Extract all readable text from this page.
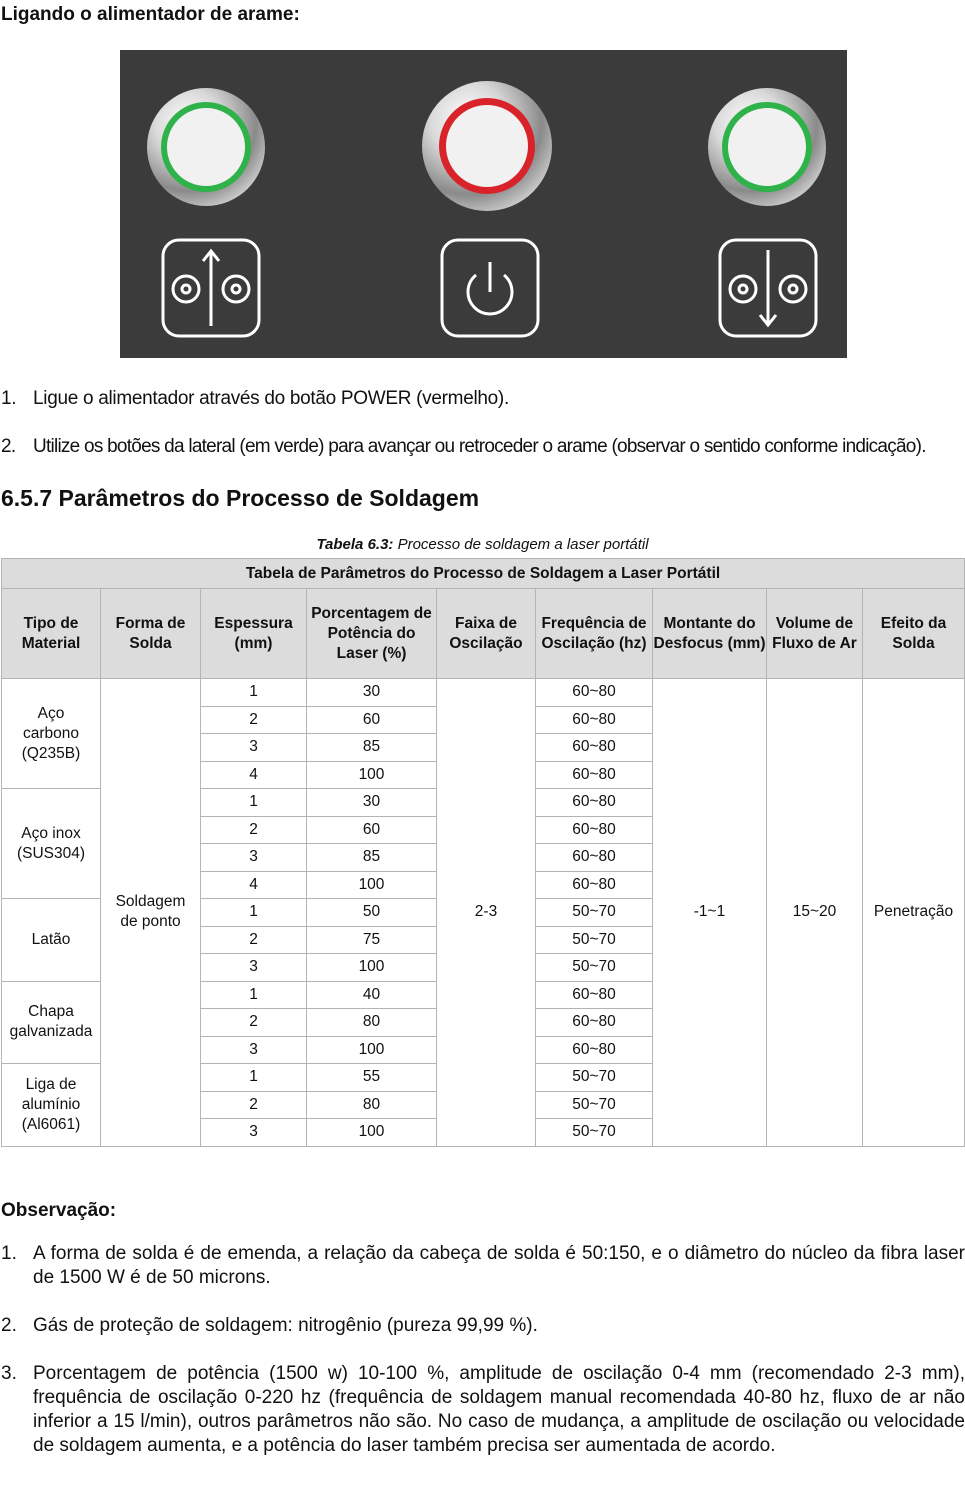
Ligando o alimentador de arame:
1. Ligue o alimentador através do botão POWER (vermelho).
2. Utilize os botões da lateral (em verde) para avançar ou retroceder o arame (observar o sentido conforme indicação).
6.5.7 Parâmetros do Processo de Soldagem
Tabela 6.3: Processo de soldagem a laser portátil
Tabela de Parâmetros do Processo de Soldagem a Laser Portátil								
Tipo de Material	Forma de Solda	Espessura (mm)	Porcentagem de Potência do Laser (%)	Faixa de Oscilação	Frequência de Oscilação (hz)	Montante do Desfocus (mm)	Volume de Fluxo de Ar	Efeito da Solda
Aço carbono (Q235B)	Soldagem de ponto	1	30	2-3	60~80	-1~1	15~20	Penetração
		2	60		60~80			
		3	85		60~80			
		4	100		60~80			
Aço inox (SUS304)		1	30		60~80			
		2	60		60~80			
		3	85		60~80			
		4	100		60~80			
Latão		1	50		50~70			
		2	75		50~70			
		3	100		50~70			
Chapa galvanizada		1	40		60~80			
		2	80		60~80			
		3	100		60~80			
Liga de alumínio (Al6061)		1	55		50~70			
		2	80		50~70			
		3	100		50~70			
Observação:
1. A forma de solda é de emenda, a relação da cabeça de solda é 50:150, e o diâmetro do núcleo da fibra laser de 1500 W é de 50 microns.
2. Gás de proteção de soldagem: nitrogênio (pureza 99,99 %).
3. Porcentagem de potência (1500 w) 10-100 %, amplitude de oscilação 0-4 mm (recomendado 2-3 mm), frequência de oscilação 0-220 hz (frequência de soldagem manual recomendada 40-80 hz, fluxo de ar não inferior a 15 l/min), outros parâmetros não são. No caso de mudança, a amplitude de oscilação ou velocidade de soldagem aumenta, e a potência do laser também precisa ser aumentada de acordo.
